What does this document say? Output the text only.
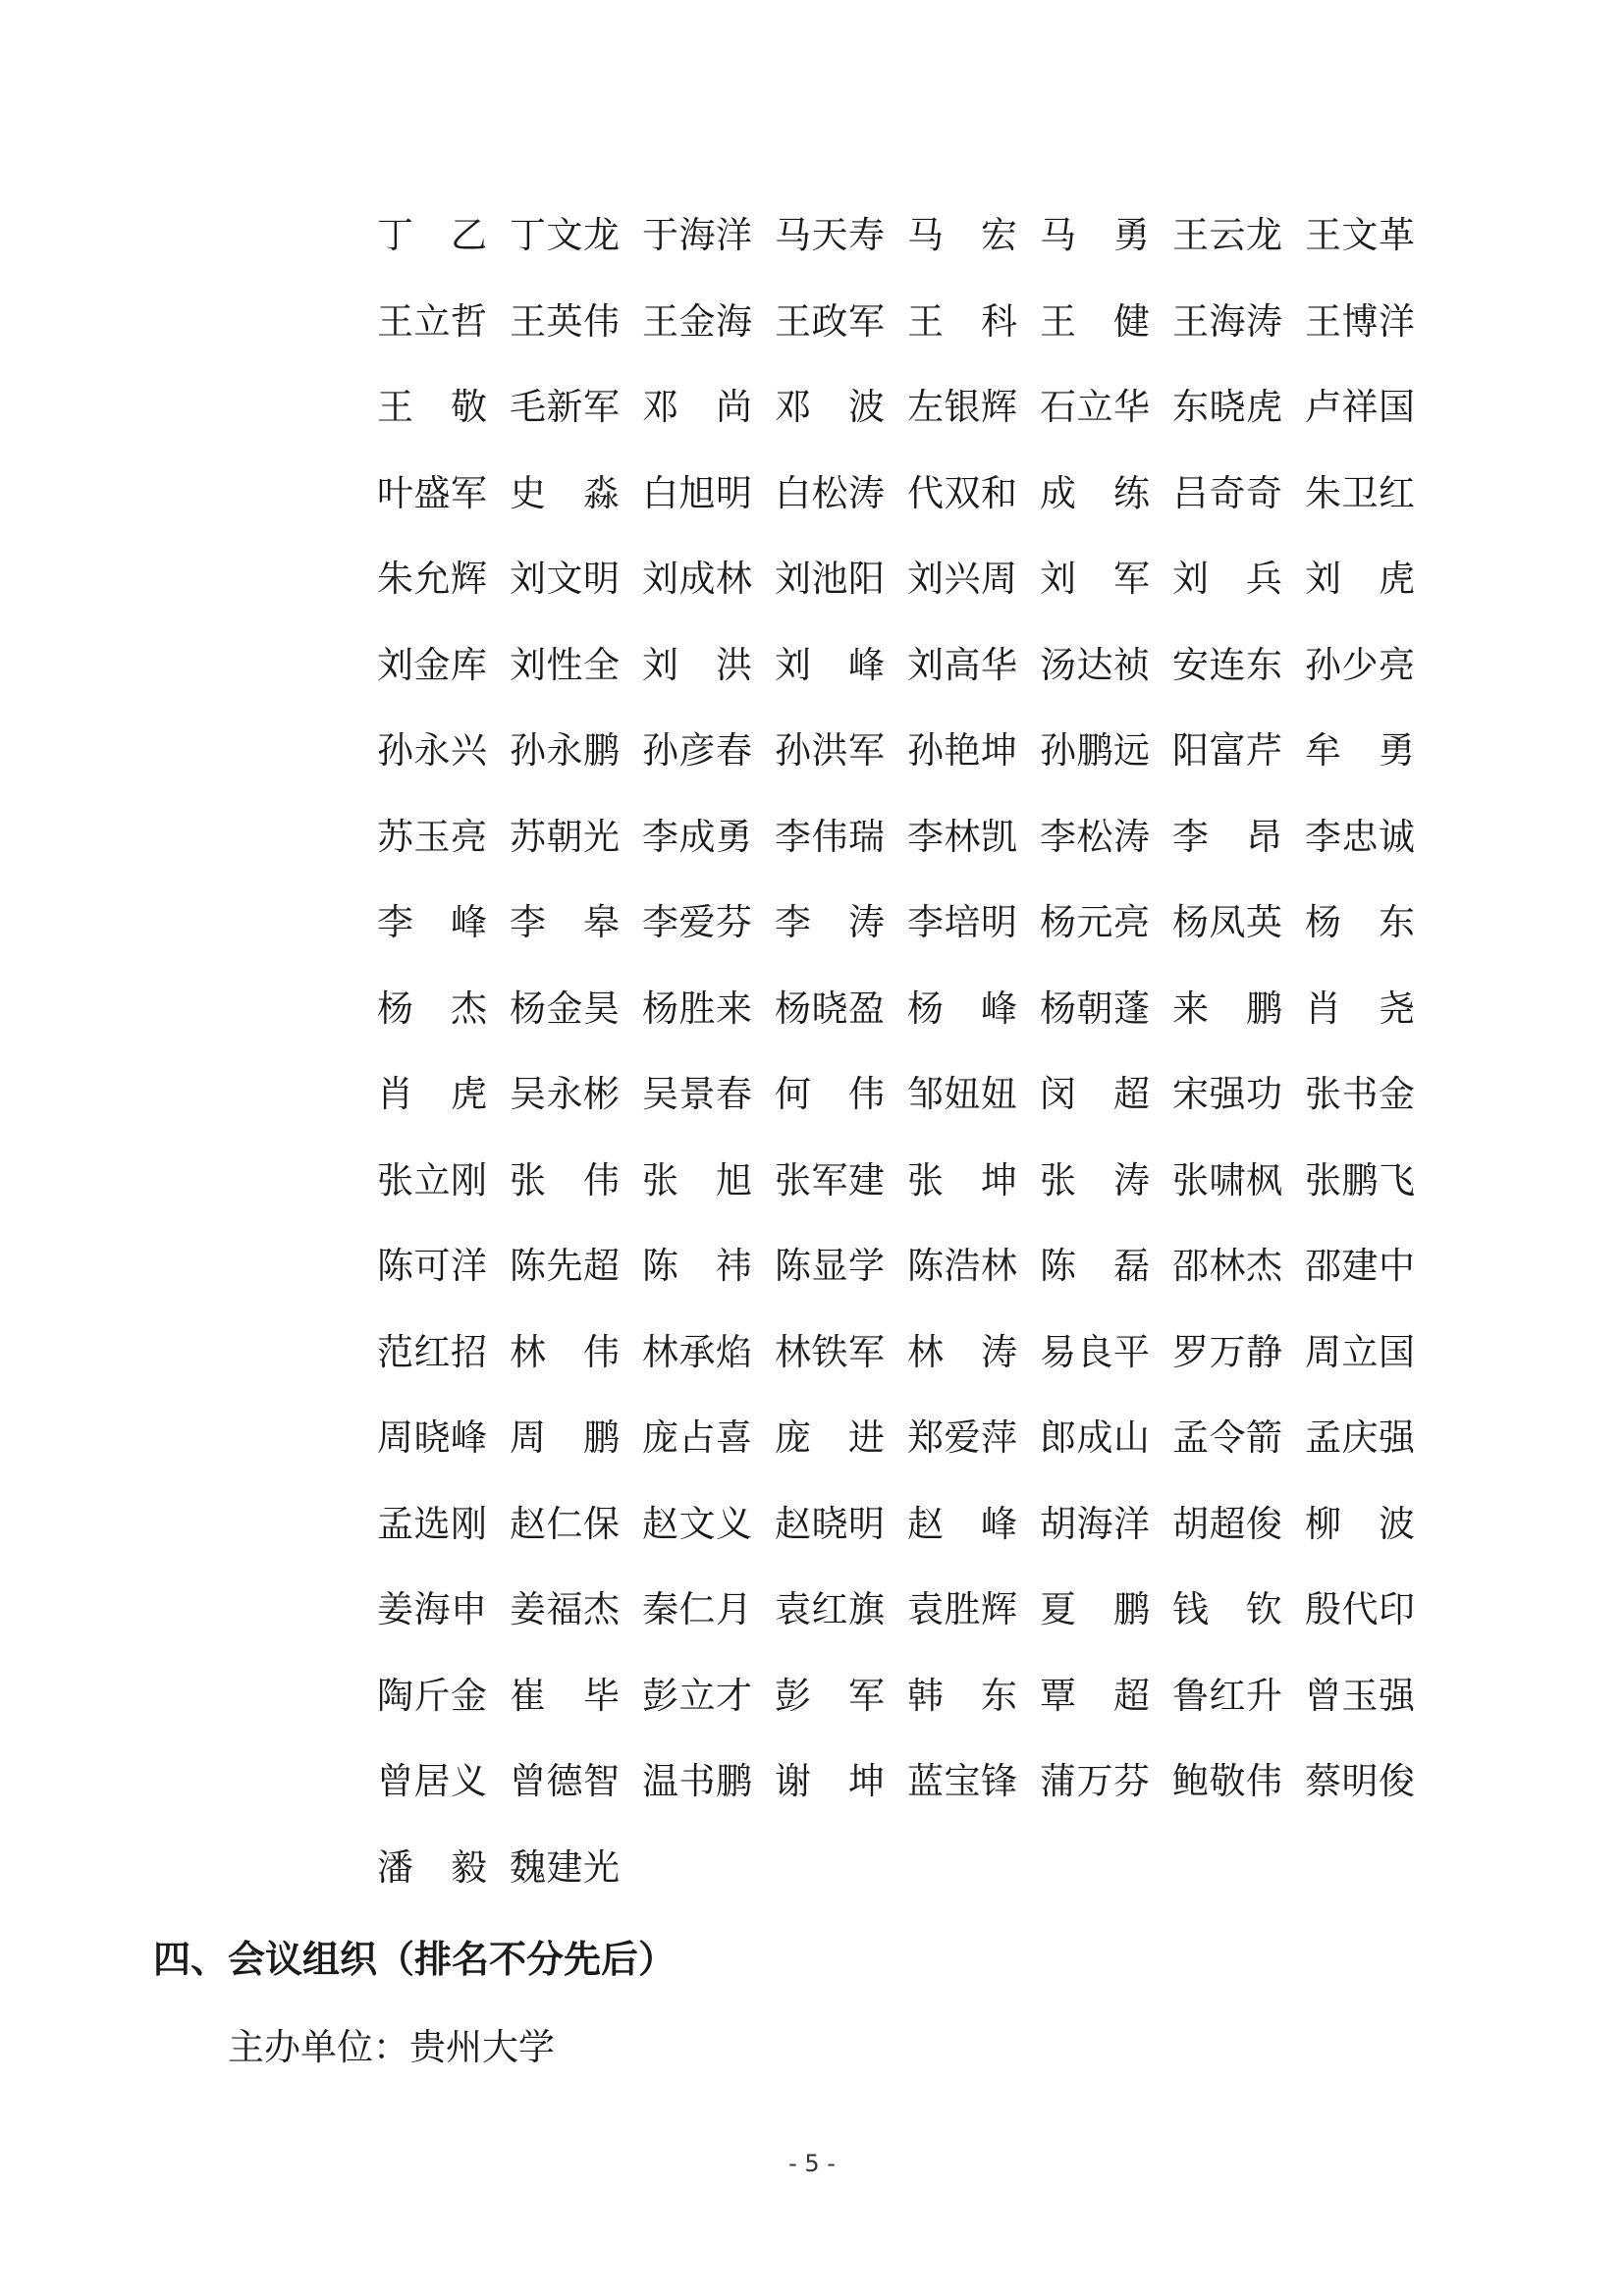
丁 乙 丁 文 龙 于 海 洋 马 天 寿 马 宏 马 勇 王 云 龙 王 文 革
王 立 哲 王 英 伟 王 金 海 王 政 军 王 科 王 健 王 海 涛 王 博 洋
王 敬 毛 新 军 邓 尚 邓 波 左 银 辉 石 立 华 东 晓 虎 卢 祥 国
叶 盛 军 史 淼 白 旭 明 白 松 涛 代 双 和 成 练 吕 奇 奇 朱 卫 红
朱 允 辉 刘 文 明 刘 成 林 刘 池 阳 刘 兴 周 刘 军 刘 兵 刘 虎
刘 金 库 刘 性 全 刘 洪 刘 峰 刘 高 华 汤 达 祯 安 连 东 孙 少 亮
孙 永 兴 孙 永 鹏 孙 彦 春 孙 洪 军 孙 艳 坤 孙 鹏 远 阳 富 芹 牟 勇
苏 玉 亮 苏 朝 光 李 成 勇 李 伟 瑞 李 林 凯 李 松 涛 李 昂 李 忠 诚
李 峰 李 皋 李 爱 芬 李 涛 李 培 明 杨 元 亮 杨 凤 英 杨 东
杨 杰 杨 金 昊 杨 胜 来 杨 晓 盈 杨 峰 杨 朝 蓬 来 鹏 肖 尧
肖 虎 吴 永 彬 吴 景 春 何 伟 邹 妞 妞 闵 超 宋 强 功 张 书 金
张 立 刚 张 伟 张 旭 张 军 建 张 坤 张 涛 张 啸 枫 张 鹏 飞
陈 可 洋 陈 先 超 陈 祎 陈 显 学 陈 浩 林 陈 磊 邵 林 杰 邵 建 中
范 红 招 林 伟 林 承 焰 林 铁 军 林 涛 易 良 平 罗 万 静 周 立 国
周 晓 峰 周 鹏 庞 占 喜 庞 进 郑 爱 萍 郎 成 山 孟 令 箭 孟 庆 强
孟 选 刚 赵 仁 保 赵 文 义 赵 晓 明 赵 峰 胡 海 洋 胡 超 俊 柳 波
姜 海 申 姜 福 杰 秦 仁 月 袁 红 旗 袁 胜 辉 夏 鹏 钱 钦 殷 代 印
陶 斤 金 崔 毕 彭 立 才 彭 军 韩 东 覃 超 鲁 红 升 曾 玉 强
曾 居 义 曾 德 智 温 书 鹏 谢 坤 蓝 宝 锋 蒲 万 芬 鲍 敬 伟 蔡 明 俊
潘 毅 魏 建 光
四、会议组织（排名不分先后）
主办单位：贵州大学
- 5 -
